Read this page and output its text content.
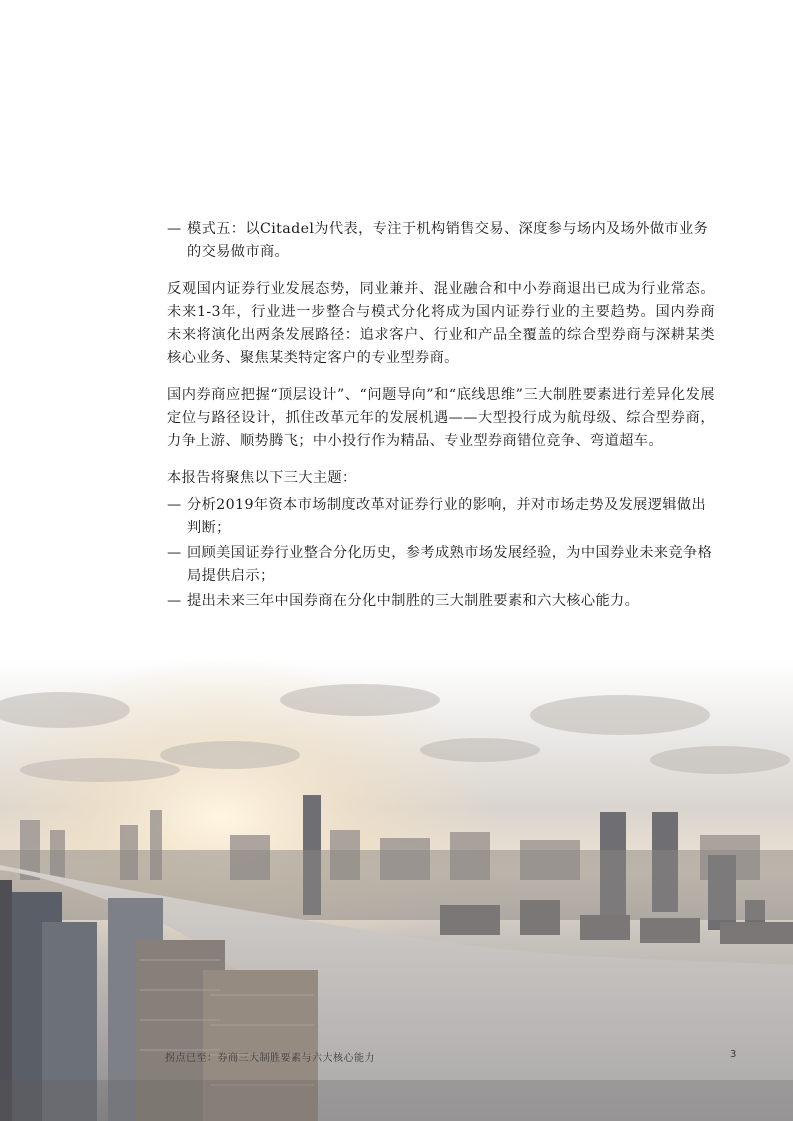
— 模式五：以Citadel为代表，专注于机构销售交易、深度参与场内及场外做市业务的交易做市商。

反观国内证券行业发展态势，同业兼并、混业融合和中小券商退出已成为行业常态。未来1-3年，行业进一步整合与模式分化将成为国内证券行业的主要趋势。国内券商未来将演化出两条发展路径：追求客户、行业和产品全覆盖的综合型券商与深耕某类核心业务、聚焦某类特定客户的专业型券商。

国内券商应把握“顶层设计”、“问题导向”和“底线思维”三大制胜要素进行差异化发展定位与路径设计，抓住改革元年的发展机遇——大型投行成为航母级、综合型券商，力争上游、顺势腾飞；中小投行作为精品、专业型券商错位竞争、弯道超车。

本报告将聚焦以下三大主题：

— 分析2019年资本市场制度改革对证券行业的影响，并对市场走势及发展逻辑做出判断；
— 回顾美国证券行业整合分化历史，参考成熟市场发展经验，为中国券业未来竞争格局提供启示；
— 提出未来三年中国券商在分化中制胜的三大制胜要素和六大核心能力。
拐点已至：券商三大制胜要素与六大核心能力	3
